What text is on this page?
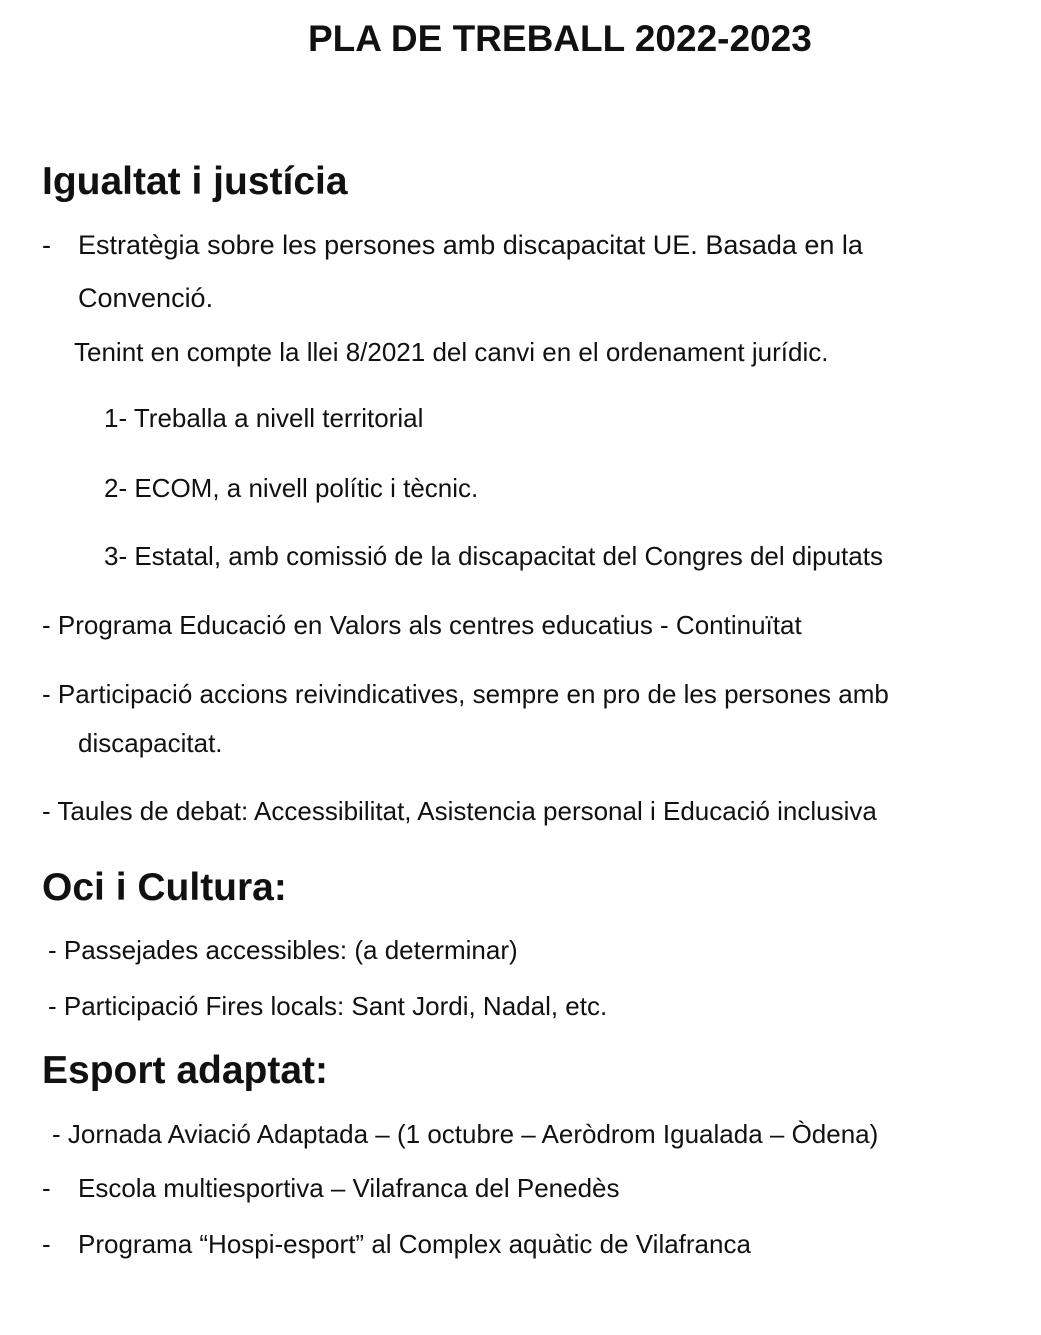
PLA DE TREBALL 2022-2023
Igualtat i justícia
- Estratègia sobre les persones amb discapacitat UE. Basada en la
Convenció.
Tenint en compte la llei 8/2021 del canvi en el ordenament jurídic.
1- Treballa a nivell territorial
2- ECOM, a nivell polític i tècnic.
3- Estatal, amb comissió de la discapacitat del Congres del diputats
- Programa Educació en Valors als centres educatius - Continuïtat
- Participació accions reivindicatives, sempre en pro de les persones amb
discapacitat.
- Taules de debat: Accessibilitat, Asistencia personal i Educació inclusiva
Oci i Cultura:
- Passejades accessibles: (a determinar)
- Participació Fires locals: Sant Jordi, Nadal, etc.
Esport adaptat:
- Jornada Aviació Adaptada – (1 octubre – Aeròdrom Igualada – Òdena)
- Escola multiesportiva – Vilafranca del Penedès
- Programa “Hospi-esport” al Complex aquàtic de Vilafranca
